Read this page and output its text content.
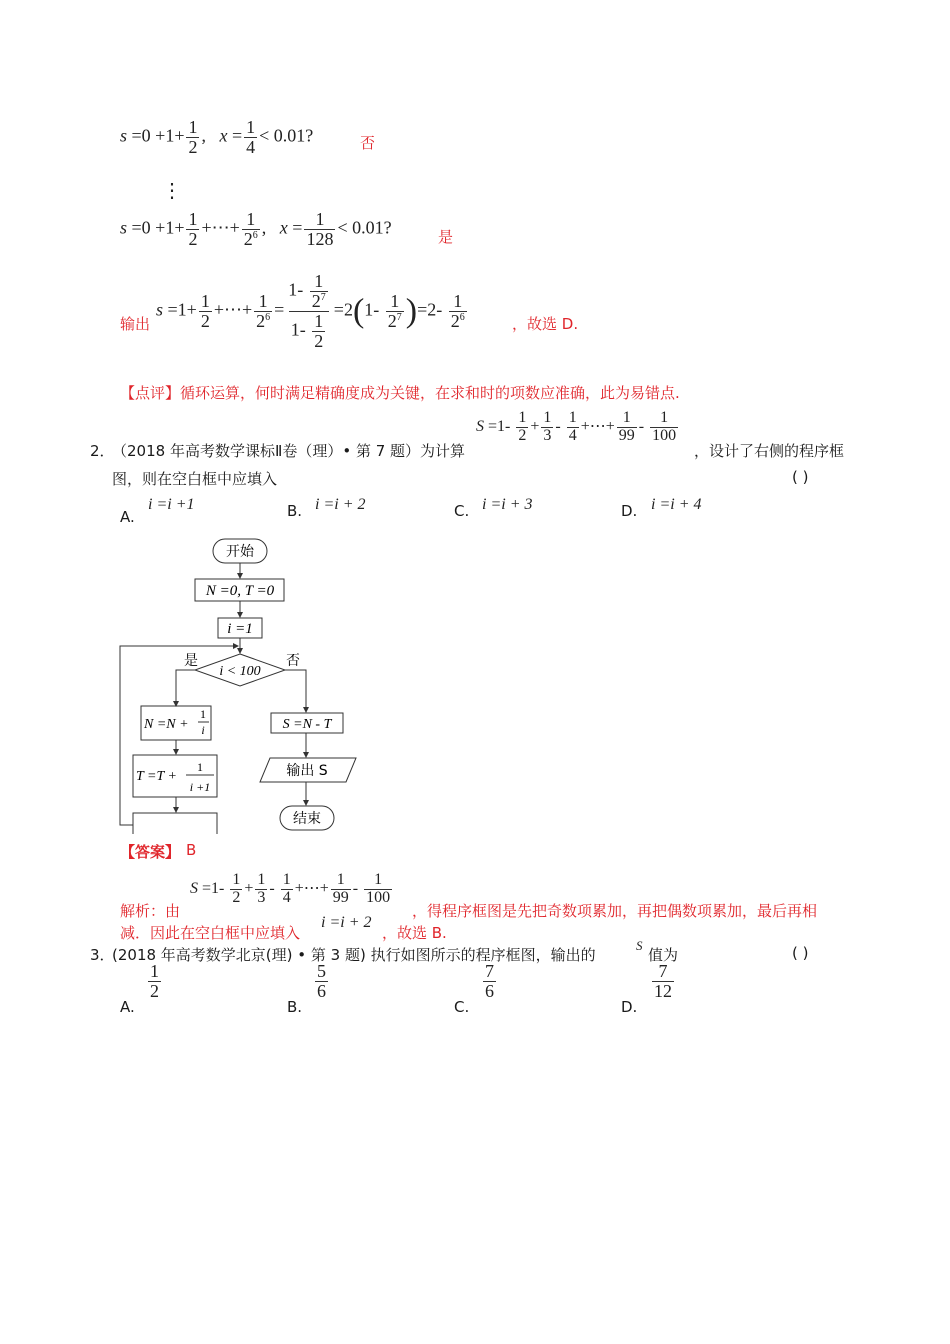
$s =0 +1+ \frac{1}{2}$ ,   $x = \frac{1}{4} < 0.01$?	否
⋮
$s =0 +1+ \frac{1}{2}$ +⋯+ $\frac{1}{2^6}$ ,   $x = \frac{1}{128} < 0.01$?	是
输出
$s =1+ \frac{1}{2}$ +⋯+ $\frac{1}{2^6} = \frac{1- \frac{1}{2^7}}{1- \frac{1}{2}} =2(1- \frac{1}{2^7} )=2- \frac{1}{2^6}$	，故选 D.
【点评】循环运算，何时满足精确度成为关键，在求和时的项数应准确，此为易错点.
2．
（2018 年高考数学课标Ⅱ卷（理）• 第 7 题）为计算
$S =1- \frac{1}{2} + \frac{1}{3} - \frac{1}{4}$ +⋯+ $\frac{1}{99} - \frac{1}{100}$
，设计了右侧的程序框
图，则在空白框中应填入	( )
A.
i =i +1	B. i =i + 2	C. i =i + 3	D. i =i + 4
开始
N =0, T =0
i =1
是	否
i < 100
N =N +
1
i
T =T +
1
i +1
S =N - T
输出 S
结束
【答案】 B
$S =1- \frac{1}{2} + \frac{1}{3} - \frac{1}{4}$ +⋯+ $\frac{1}{99} - \frac{1}{100}$
解析：由	，得程序框图是先把奇数项累加，再把偶数项累加，最后再相
减．因此在空白框中应填入
i =i + 2
，故选 B.
3．
(2018 年高考数学北京(理) • 第 3 题) 执行如图所示的程序框图，输出的
S
值为	( )
A.
$\frac{1}{2}$
B.
$\frac{5}{6}$
C.
$\frac{7}{6}$
D.
$\frac{7}{12}$
